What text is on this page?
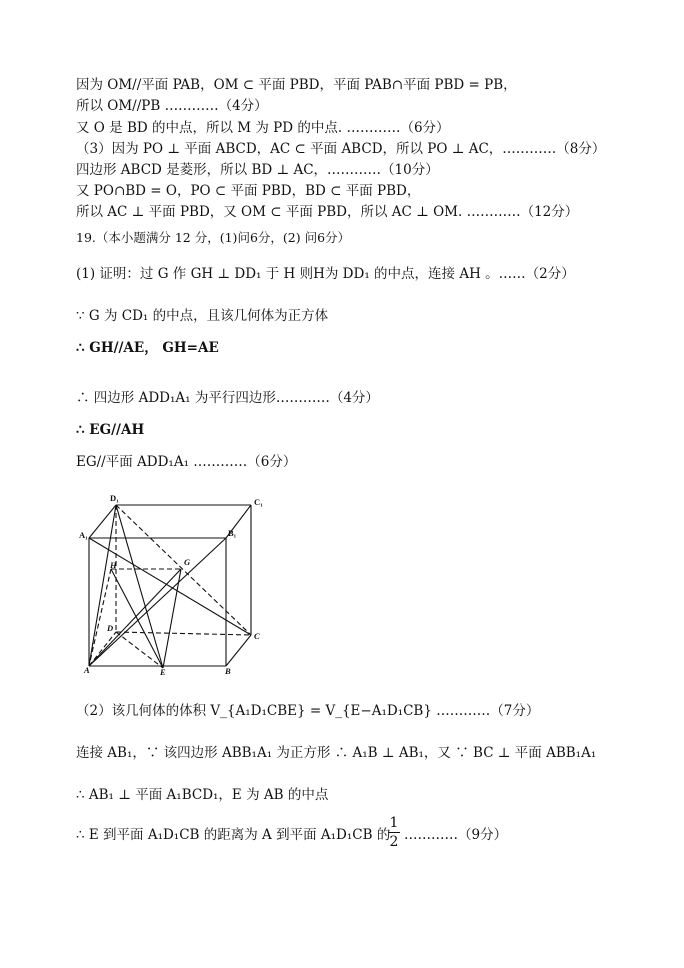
因为 OM//平面 PAB，OM ⊂ 平面 PBD，平面 PAB∩平面 PBD = PB，
所以 OM//PB …………（4分）
又 O 是 BD 的中点，所以 M 为 PD 的中点. …………（6分）
（3）因为 PO ⊥ 平面 ABCD，AC ⊂ 平面 ABCD，所以 PO ⊥ AC，…………（8分）
四边形 ABCD 是菱形，所以 BD ⊥ AC，…………（10分）
又 PO∩BD = O，PO ⊂ 平面 PBD，BD ⊂ 平面 PBD，
所以 AC ⊥ 平面 PBD，又 OM ⊂ 平面 PBD，所以 AC ⊥ OM. …………（12分）
19.（本小题满分 12 分，(1)问6分，(2) 问6分）
(1) 证明：过 G 作 GH ⊥ DD₁ 于 H 则H为 DD₁ 的中点，连接 AH 。……（2分）
∵ G 为 CD₁ 的中点，且该几何体为正方体
∴ GH//AE， GH=AE
∴ 四边形 ADD₁A₁ 为平行四边形…………（4分）
∴ EG//AH
EG//平面 ADD₁A₁ …………（6分）
D₁	C₁
A₁	B₁
H	G
D
C
A	E	B
（2）该几何体的体积 V_{A₁D₁CBE} = V_{E−A₁D₁CB} …………（7分）
连接 AB₁，∵ 该四边形 ABB₁A₁ 为正方形 ∴ A₁B ⊥ AB₁，又 ∵ BC ⊥ 平面 ABB₁A₁
∴ AB₁ ⊥ 平面 A₁BCD₁，E 为 AB 的中点
∴ E 到平面 A₁D₁CB 的距离为 A 到平面 A₁D₁CB 的
1
2 …………（9分）
